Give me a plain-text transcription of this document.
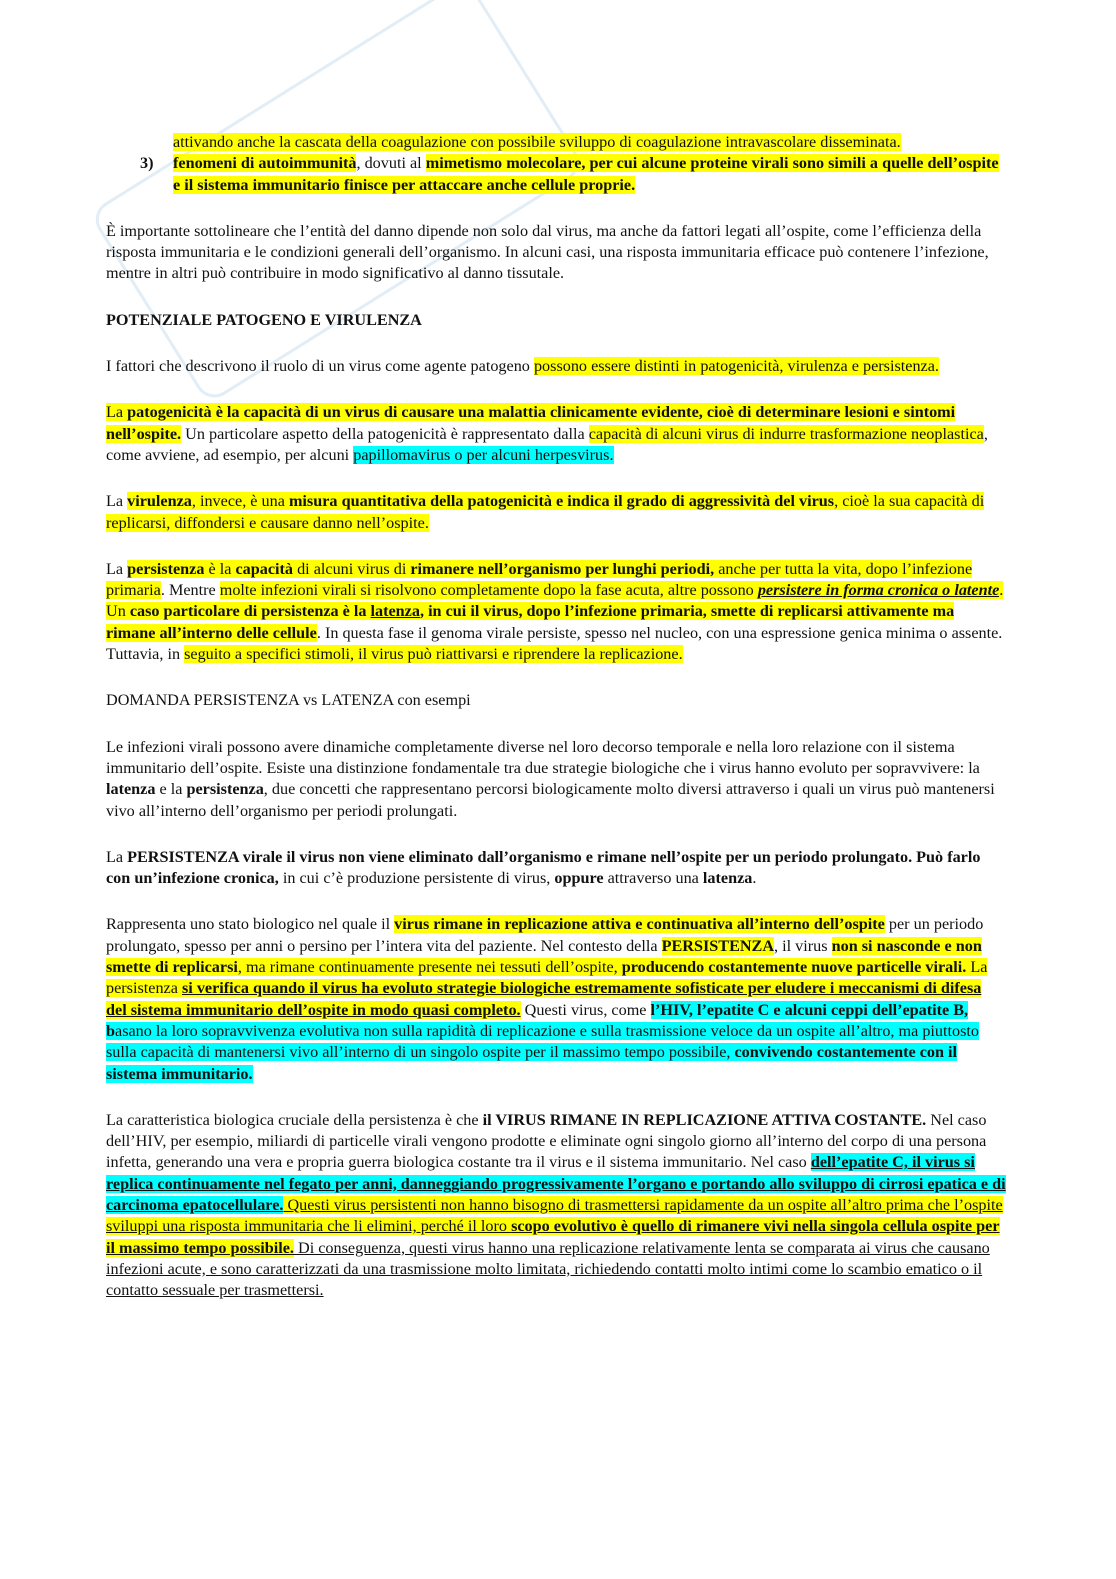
attivando anche la cascata della coagulazione con possibile sviluppo di coagulazione intravascolare disseminata.
3) fenomeni di autoimmunità, dovuti al mimetismo molecolare, per cui alcune proteine virali sono simili a quelle dell’ospite e il sistema immunitario finisce per attaccare anche cellule proprie.

È importante sottolineare che l’entità del danno dipende non solo dal virus, ma anche da fattori legati all’ospite, come l’efficienza della risposta immunitaria e le condizioni generali dell’organismo. In alcuni casi, una risposta immunitaria efficace può contenere l’infezione, mentre in altri può contribuire in modo significativo al danno tissutale.

POTENZIALE PATOGENO E VIRULENZA

I fattori che descrivono il ruolo di un virus come agente patogeno possono essere distinti in patogenicità, virulenza e persistenza.

La patogenicità è la capacità di un virus di causare una malattia clinicamente evidente, cioè di determinare lesioni e sintomi nell’ospite. Un particolare aspetto della patogenicità è rappresentato dalla capacità di alcuni virus di indurre trasformazione neoplastica, come avviene, ad esempio, per alcuni papillomavirus o per alcuni herpesvirus.

La virulenza, invece, è una misura quantitativa della patogenicità e indica il grado di aggressività del virus, cioè la sua capacità di replicarsi, diffondersi e causare danno nell’ospite.

La persistenza è la capacità di alcuni virus di rimanere nell’organismo per lunghi periodi, anche per tutta la vita, dopo l’infezione primaria. Mentre molte infezioni virali si risolvono completamente dopo la fase acuta, altre possono persistere in forma cronica o latente. Un caso particolare di persistenza è la latenza, in cui il virus, dopo l’infezione primaria, smette di replicarsi attivamente ma rimane all’interno delle cellule. In questa fase il genoma virale persiste, spesso nel nucleo, con una espressione genica minima o assente. Tuttavia, in seguito a specifici stimoli, il virus può riattivarsi e riprendere la replicazione.

DOMANDA PERSISTENZA vs LATENZA con esempi

Le infezioni virali possono avere dinamiche completamente diverse nel loro decorso temporale e nella loro relazione con il sistema immunitario dell’ospite. Esiste una distinzione fondamentale tra due strategie biologiche che i virus hanno evoluto per sopravvivere: la latenza e la persistenza, due concetti che rappresentano percorsi biologicamente molto diversi attraverso i quali un virus può mantenersi vivo all’interno dell’organismo per periodi prolungati.

La PERSISTENZA virale il virus non viene eliminato dall’organismo e rimane nell’ospite per un periodo prolungato. Può farlo con un’infezione cronica, in cui c’è produzione persistente di virus, oppure attraverso una latenza.

Rappresenta uno stato biologico nel quale il virus rimane in replicazione attiva e continuativa all’interno dell’ospite per un periodo prolungato, spesso per anni o persino per l’intera vita del paziente. Nel contesto della PERSISTENZA, il virus non si nasconde e non smette di replicarsi, ma rimane continuamente presente nei tessuti dell’ospite, producendo costantemente nuove particelle virali. La persistenza si verifica quando il virus ha evoluto strategie biologiche estremamente sofisticate per eludere i meccanismi di difesa del sistema immunitario dell’ospite in modo quasi completo. Questi virus, come l’HIV, l’epatite C e alcuni ceppi dell’epatite B, basano la loro sopravvivenza evolutiva non sulla rapidità di replicazione e sulla trasmissione veloce da un ospite all’altro, ma piuttosto sulla capacità di mantenersi vivo all’interno di un singolo ospite per il massimo tempo possibile, convivendo costantemente con il sistema immunitario.

La caratteristica biologica cruciale della persistenza è che il VIRUS RIMANE IN REPLICAZIONE ATTIVA COSTANTE. Nel caso dell’HIV, per esempio, miliardi di particelle virali vengono prodotte e eliminate ogni singolo giorno all’interno del corpo di una persona infetta, generando una vera e propria guerra biologica costante tra il virus e il sistema immunitario. Nel caso dell’epatite C, il virus si replica continuamente nel fegato per anni, danneggiando progressivamente l’organo e portando allo sviluppo di cirrosi epatica e di carcinoma epatocellulare. Questi virus persistenti non hanno bisogno di trasmettersi rapidamente da un ospite all’altro prima che l’ospite sviluppi una risposta immunitaria che li elimini, perché il loro scopo evolutivo è quello di rimanere vivi nella singola cellula ospite per il massimo tempo possibile. Di conseguenza, questi virus hanno una replicazione relativamente lenta se comparata ai virus che causano infezioni acute, e sono caratterizzati da una trasmissione molto limitata, richiedendo contatti molto intimi come lo scambio ematico o il contatto sessuale per trasmettersi.
